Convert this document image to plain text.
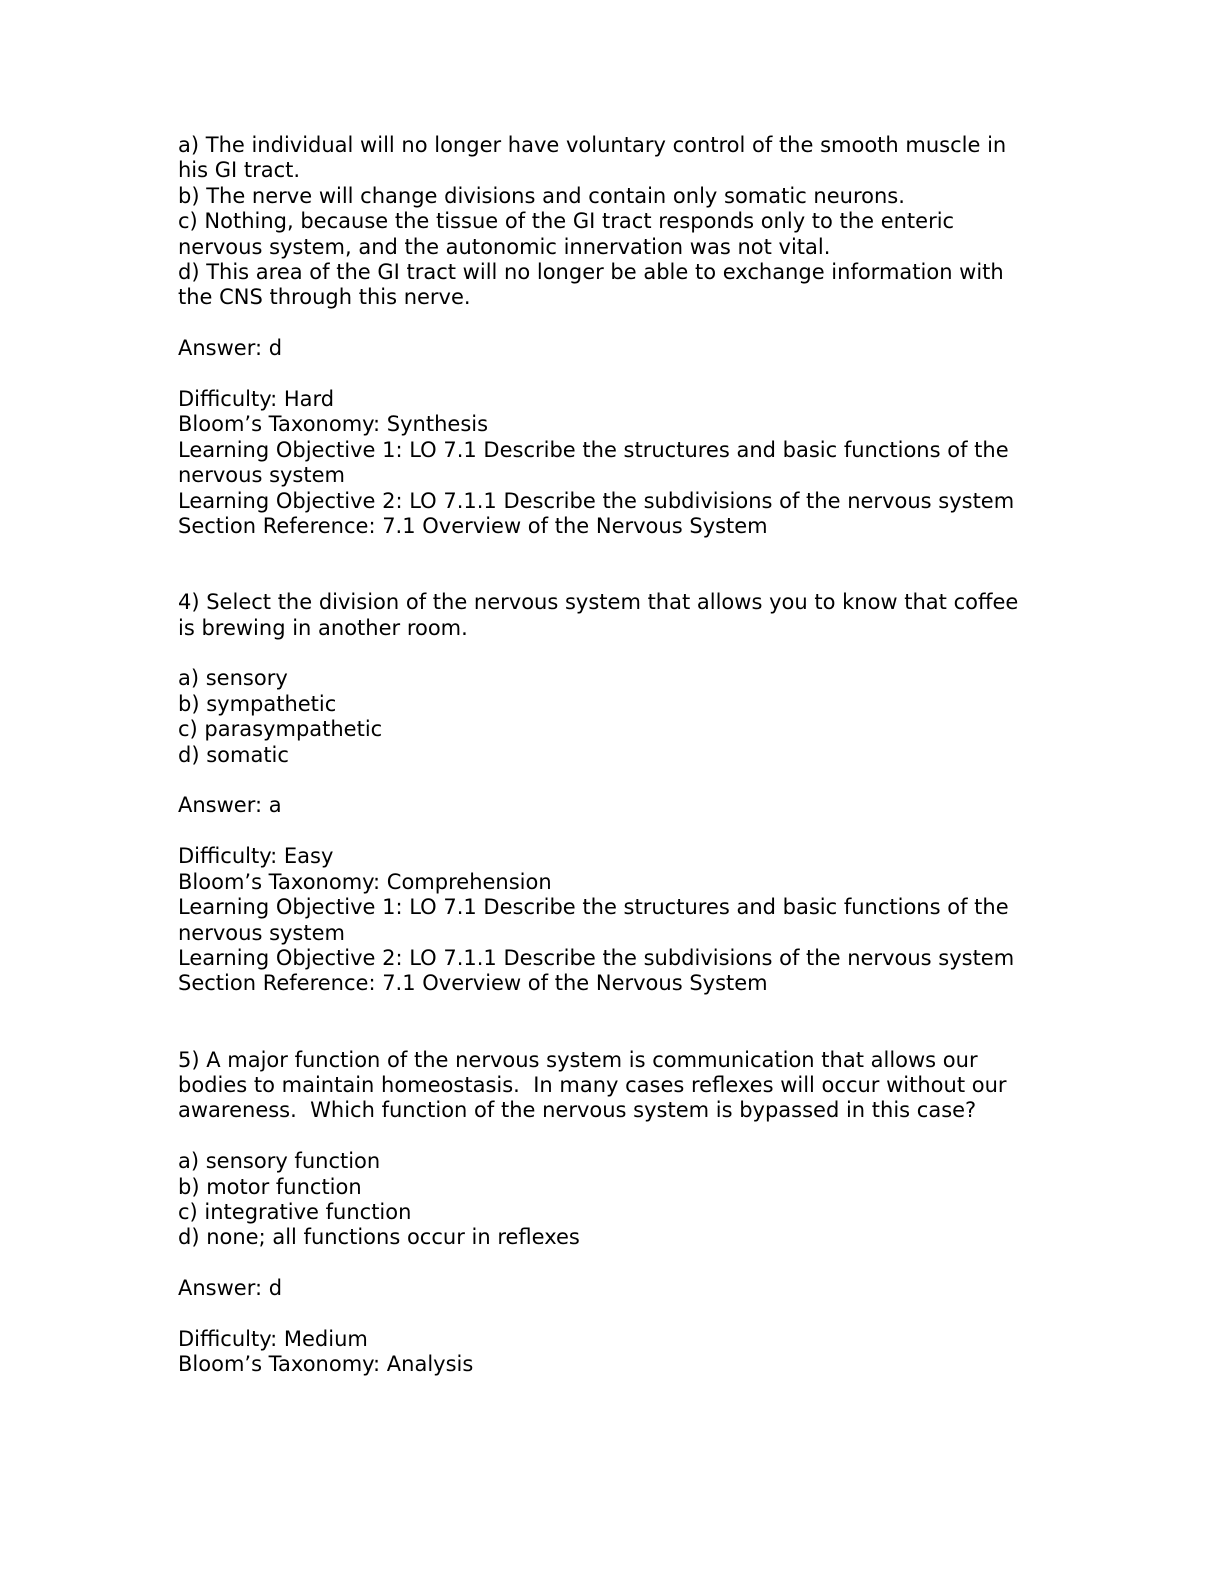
a) The individual will no longer have voluntary control of the smooth muscle in his GI tract.
b) The nerve will change divisions and contain only somatic neurons.
c) Nothing, because the tissue of the GI tract responds only to the enteric nervous system, and the autonomic innervation was not vital.
d) This area of the GI tract will no longer be able to exchange information with the CNS through this nerve.
Answer: d
Difficulty: Hard
Bloom’s Taxonomy: Synthesis
Learning Objective 1: LO 7.1 Describe the structures and basic functions of the nervous system
Learning Objective 2: LO 7.1.1 Describe the subdivisions of the nervous system
Section Reference: 7.1 Overview of the Nervous System
4) Select the division of the nervous system that allows you to know that coffee is brewing in another room.
a) sensory
b) sympathetic
c) parasympathetic
d) somatic
Answer: a
Difficulty: Easy
Bloom’s Taxonomy: Comprehension
Learning Objective 1: LO 7.1 Describe the structures and basic functions of the nervous system
Learning Objective 2: LO 7.1.1 Describe the subdivisions of the nervous system
Section Reference: 7.1 Overview of the Nervous System
5) A major function of the nervous system is communication that allows our bodies to maintain homeostasis.  In many cases reflexes will occur without our awareness.  Which function of the nervous system is bypassed in this case?
a) sensory function
b) motor function
c) integrative function
d) none; all functions occur in reflexes
Answer: d
Difficulty: Medium
Bloom’s Taxonomy: Analysis
